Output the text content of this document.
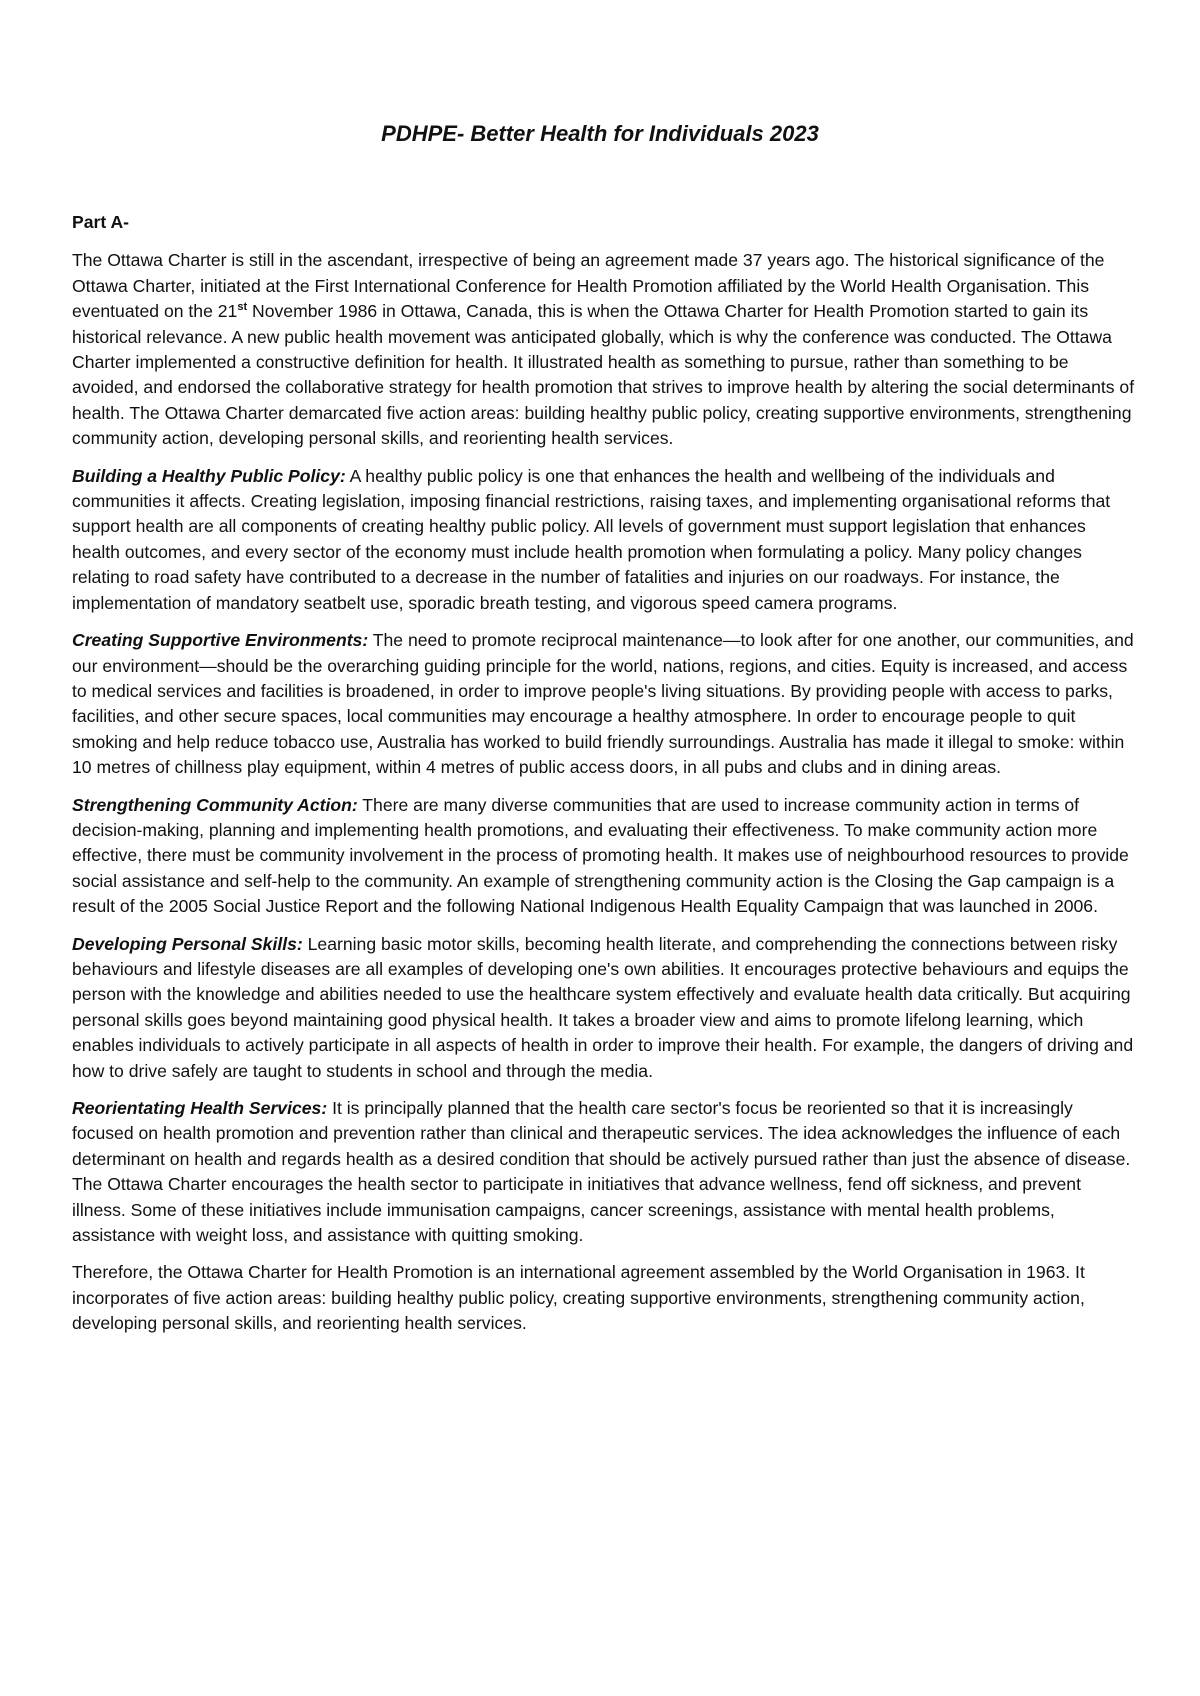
PDHPE- Better Health for Individuals 2023
Part A-

The Ottawa Charter is still in the ascendant, irrespective of being an agreement made 37 years ago. The historical significance of the Ottawa Charter, initiated at the First International Conference for Health Promotion affiliated by the World Health Organisation. This eventuated on the 21st November 1986 in Ottawa, Canada, this is when the Ottawa Charter for Health Promotion started to gain its historical relevance. A new public health movement was anticipated globally, which is why the conference was conducted. The Ottawa Charter implemented a constructive definition for health. It illustrated health as something to pursue, rather than something to be avoided, and endorsed the collaborative strategy for health promotion that strives to improve health by altering the social determinants of health. The Ottawa Charter demarcated five action areas: building healthy public policy, creating supportive environments, strengthening community action, developing personal skills, and reorienting health services.

Building a Healthy Public Policy: A healthy public policy is one that enhances the health and wellbeing of the individuals and communities it affects. Creating legislation, imposing financial restrictions, raising taxes, and implementing organisational reforms that support health are all components of creating healthy public policy. All levels of government must support legislation that enhances health outcomes, and every sector of the economy must include health promotion when formulating a policy. Many policy changes relating to road safety have contributed to a decrease in the number of fatalities and injuries on our roadways. For instance, the implementation of mandatory seatbelt use, sporadic breath testing, and vigorous speed camera programs.

Creating Supportive Environments: The need to promote reciprocal maintenance—to look after for one another, our communities, and our environment—should be the overarching guiding principle for the world, nations, regions, and cities. Equity is increased, and access to medical services and facilities is broadened, in order to improve people's living situations. By providing people with access to parks, facilities, and other secure spaces, local communities may encourage a healthy atmosphere. In order to encourage people to quit smoking and help reduce tobacco use, Australia has worked to build friendly surroundings. Australia has made it illegal to smoke: within 10 metres of chillness play equipment, within 4 metres of public access doors, in all pubs and clubs and in dining areas.

Strengthening Community Action: There are many diverse communities that are used to increase community action in terms of decision-making, planning and implementing health promotions, and evaluating their effectiveness. To make community action more effective, there must be community involvement in the process of promoting health. It makes use of neighbourhood resources to provide social assistance and self-help to the community. An example of strengthening community action is the Closing the Gap campaign is a result of the 2005 Social Justice Report and the following National Indigenous Health Equality Campaign that was launched in 2006.

Developing Personal Skills: Learning basic motor skills, becoming health literate, and comprehending the connections between risky behaviours and lifestyle diseases are all examples of developing one's own abilities. It encourages protective behaviours and equips the person with the knowledge and abilities needed to use the healthcare system effectively and evaluate health data critically. But acquiring personal skills goes beyond maintaining good physical health. It takes a broader view and aims to promote lifelong learning, which enables individuals to actively participate in all aspects of health in order to improve their health. For example, the dangers of driving and how to drive safely are taught to students in school and through the media.

Reorientating Health Services: It is principally planned that the health care sector's focus be reoriented so that it is increasingly focused on health promotion and prevention rather than clinical and therapeutic services. The idea acknowledges the influence of each determinant on health and regards health as a desired condition that should be actively pursued rather than just the absence of disease. The Ottawa Charter encourages the health sector to participate in initiatives that advance wellness, fend off sickness, and prevent illness. Some of these initiatives include immunisation campaigns, cancer screenings, assistance with mental health problems, assistance with weight loss, and assistance with quitting smoking.

Therefore, the Ottawa Charter for Health Promotion is an international agreement assembled by the World Organisation in 1963. It incorporates of five action areas: building healthy public policy, creating supportive environments, strengthening community action, developing personal skills, and reorienting health services.
